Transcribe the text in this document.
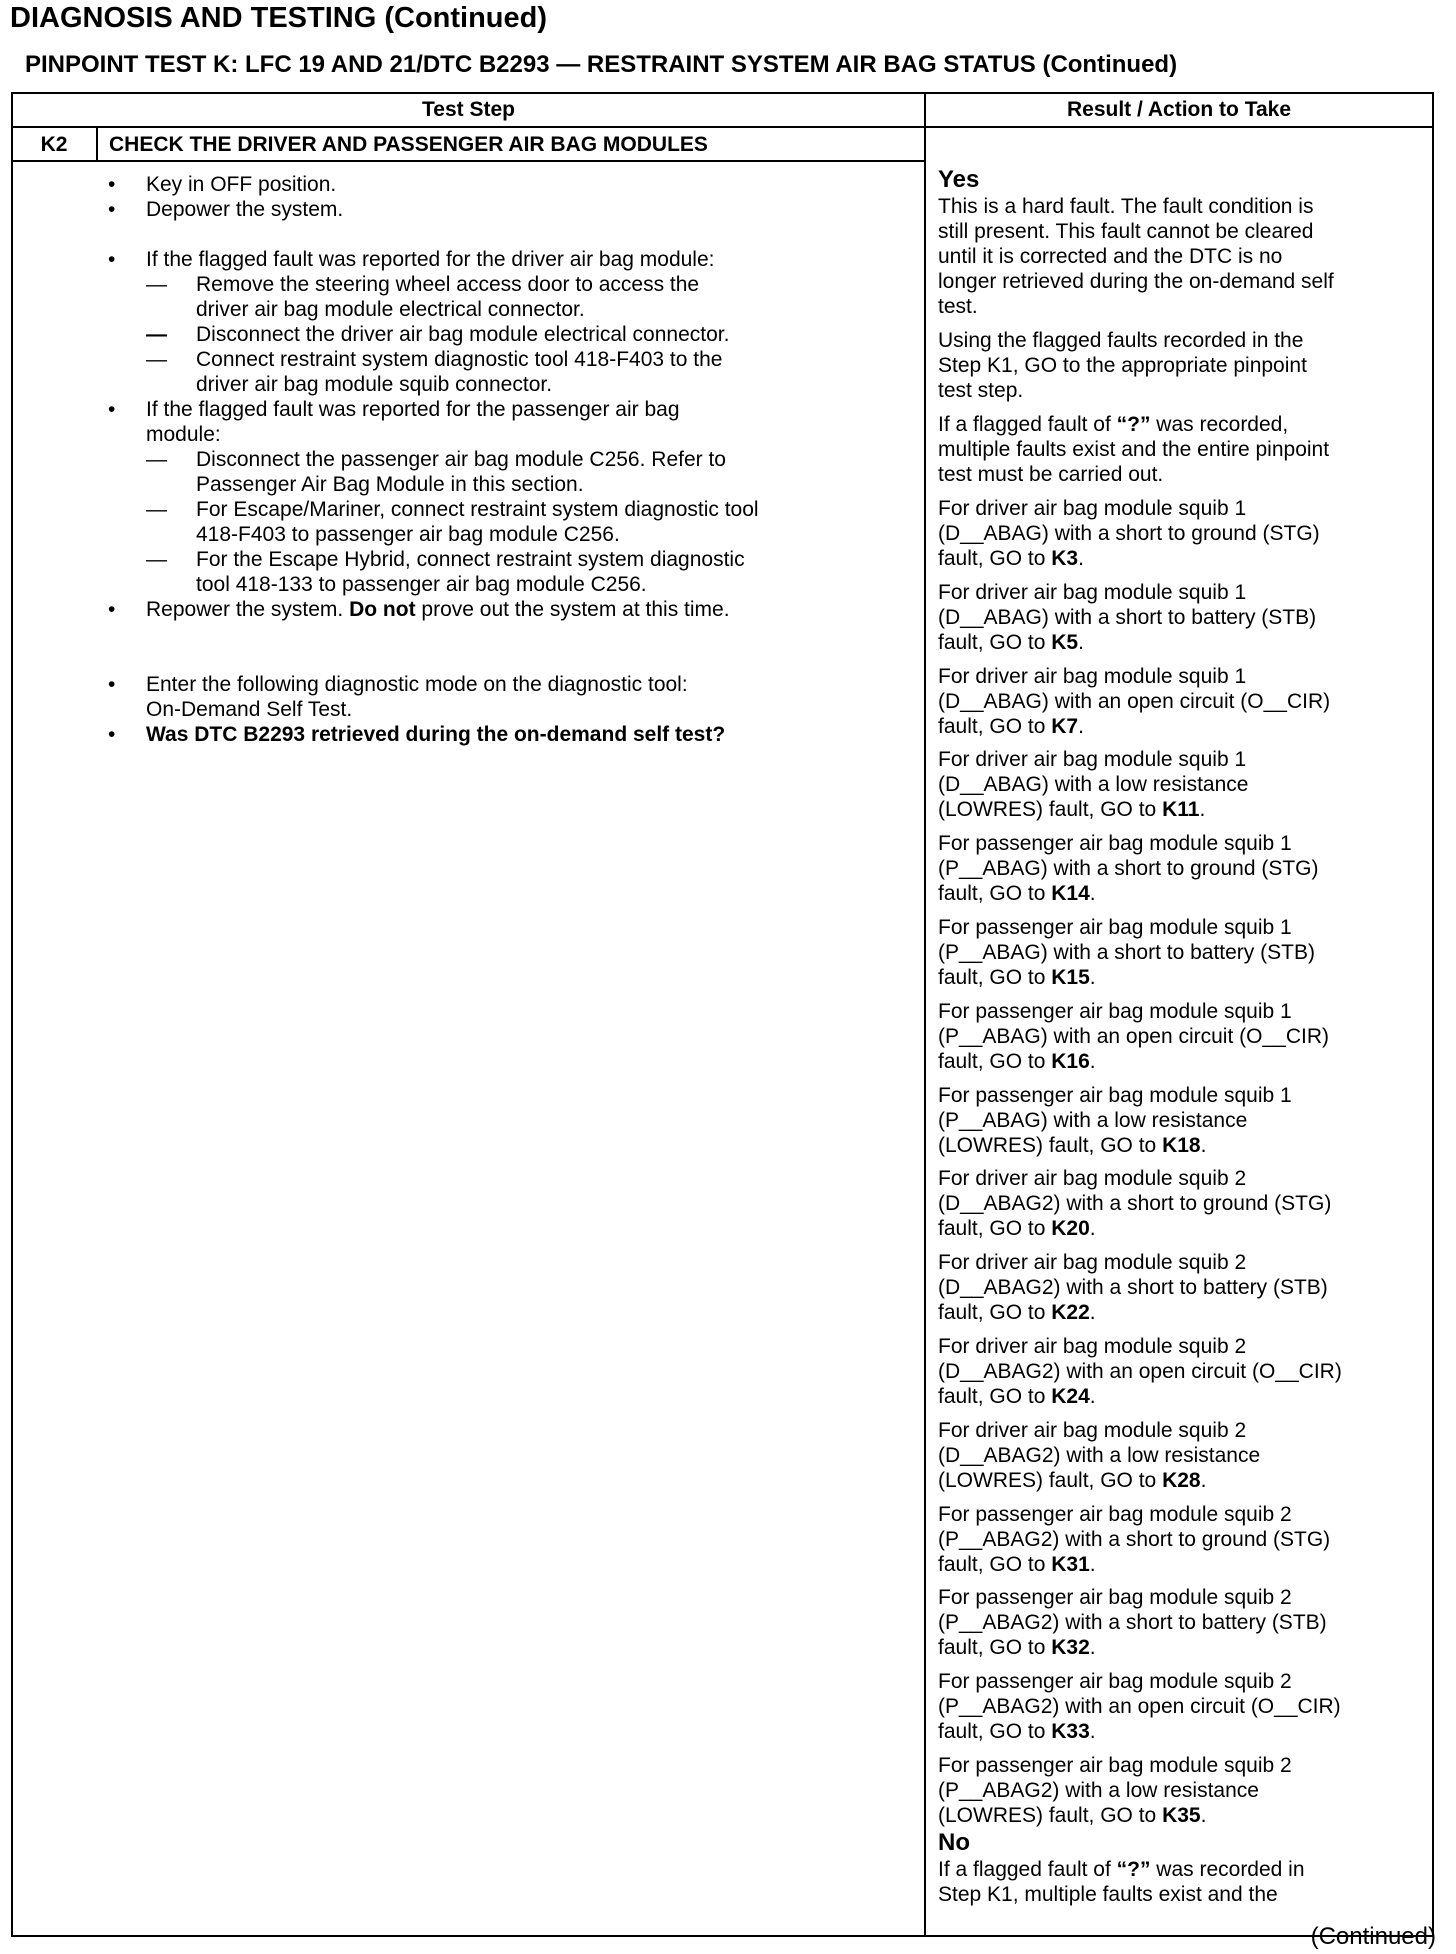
DIAGNOSIS AND TESTING (Continued)
PINPOINT TEST K: LFC 19 AND 21/DTC B2293 — RESTRAINT SYSTEM AIR BAG STATUS (Continued)
Test Step	Result / Action to Take
K2	CHECK THE DRIVER AND PASSENGER AIR BAG MODULES
• Key in OFF position.
• Depower the system.
• If the flagged fault was reported for the driver air bag module:
— Remove the steering wheel access door to access the
driver air bag module electrical connector.
— Disconnect the driver air bag module electrical connector.
— Connect restraint system diagnostic tool 418-F403 to the
driver air bag module squib connector.
• If the flagged fault was reported for the passenger air bag
module:
— Disconnect the passenger air bag module C256. Refer to
Passenger Air Bag Module in this section.
— For Escape/Mariner, connect restraint system diagnostic tool
418-F403 to passenger air bag module C256.
— For the Escape Hybrid, connect restraint system diagnostic
tool 418-133 to passenger air bag module C256.
• Repower the system. Do not prove out the system at this time.
• Enter the following diagnostic mode on the diagnostic tool:
On-Demand Self Test.
• Was DTC B2293 retrieved during the on-demand self test?
Yes
If a flagged fault of “?” was recorded,
multiple faults exist and the entire pinpoint
test must be carried out.
No
If a flagged fault of “?” was recorded in
Step K1, multiple faults exist and the
This is a hard fault. The fault condition is
still present. This fault cannot be cleared
until it is corrected and the DTC is no
longer retrieved during the on-demand self
test.
Using the flagged faults recorded in the
Step K1, GO to the appropriate pinpoint
test step.
For driver air bag module squib 1
(D__ABAG) with a short to ground (STG)
fault, GO to K3.
For driver air bag module squib 1
(D__ABAG) with a short to battery (STB)
fault, GO to K5.
For driver air bag module squib 1
(D__ABAG) with an open circuit (O__CIR)
fault, GO to K7.
For driver air bag module squib 1
(D__ABAG) with a low resistance
(LOWRES) fault, GO to K11.
For passenger air bag module squib 1
(P__ABAG) with a short to ground (STG)
fault, GO to K14.
For passenger air bag module squib 1
(P__ABAG) with a short to battery (STB)
fault, GO to K15.
For passenger air bag module squib 1
(P__ABAG) with an open circuit (O__CIR)
fault, GO to K16.
For passenger air bag module squib 1
(P__ABAG) with a low resistance
(LOWRES) fault, GO to K18.
For driver air bag module squib 2
(D__ABAG2) with a short to ground (STG)
fault, GO to K20.
For driver air bag module squib 2
(D__ABAG2) with a short to battery (STB)
fault, GO to K22.
For driver air bag module squib 2
(D__ABAG2) with an open circuit (O__CIR)
fault, GO to K24.
For driver air bag module squib 2
(D__ABAG2) with a low resistance
(LOWRES) fault, GO to K28.
For passenger air bag module squib 2
(P__ABAG2) with a short to ground (STG)
fault, GO to K31.
For passenger air bag module squib 2
(P__ABAG2) with a short to battery (STB)
fault, GO to K32.
For passenger air bag module squib 2
(P__ABAG2) with an open circuit (O__CIR)
fault, GO to K33.
For passenger air bag module squib 2
(P__ABAG2) with a low resistance
(LOWRES) fault, GO to K35.
(Continued)
